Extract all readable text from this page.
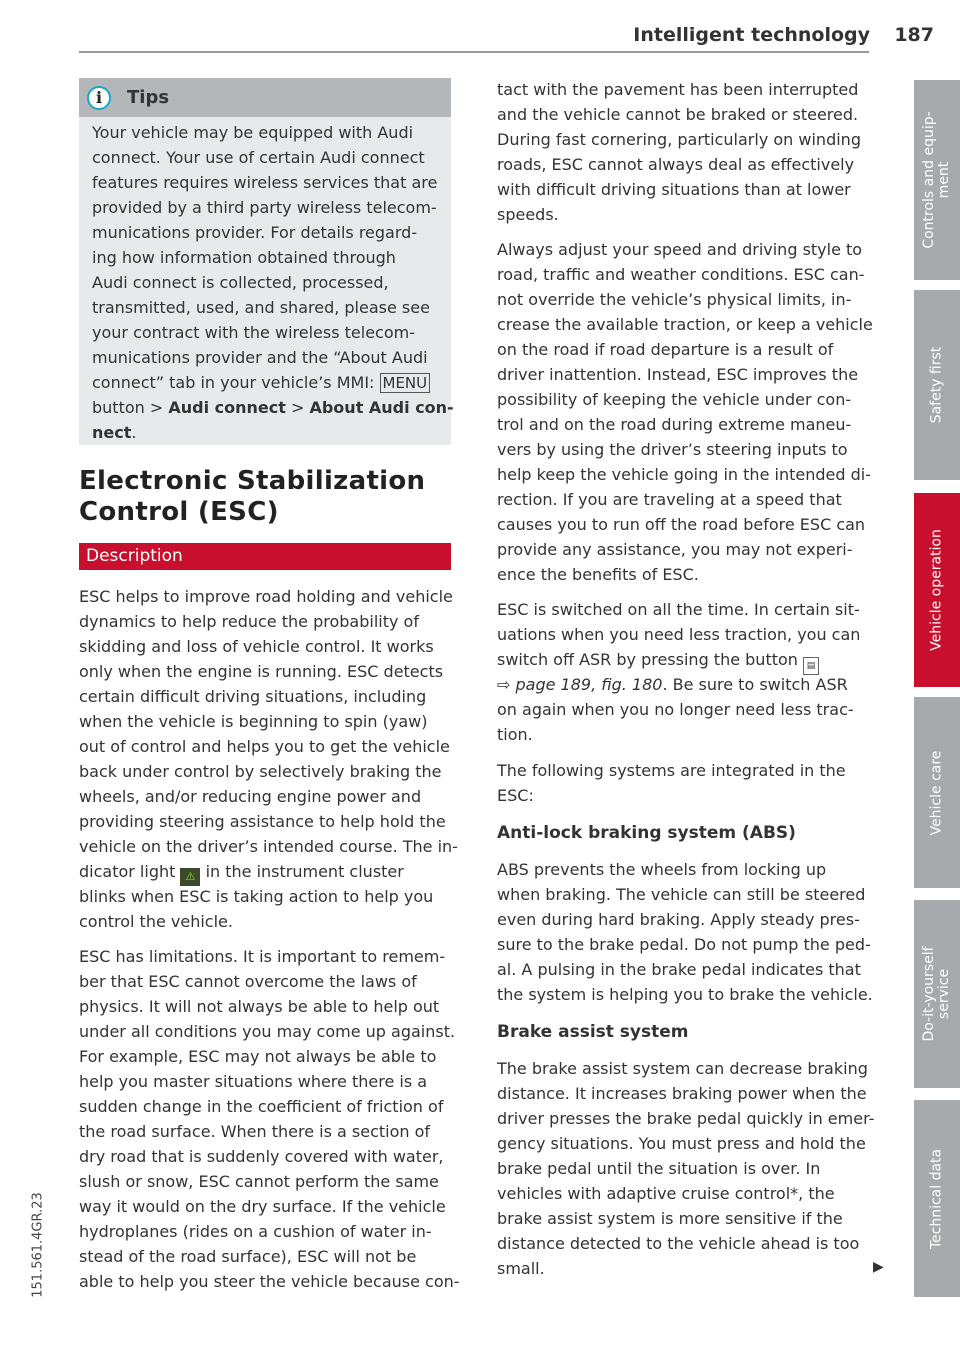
Intelligent technology 187
i	Tips
Your vehicle may be equipped with Audi
connect. Your use of certain Audi connect
features requires wireless services that are
provided by a third party wireless telecom-
munications provider. For details regard-
ing how information obtained through
Audi connect is collected, processed,
transmitted, used, and shared, please see
your contract with the wireless telecom-
munications provider and the “About Audi
connect” tab in your vehicle’s MMI: MENU
button > Audi connect > About Audi con-
nect.
Electronic Stabilization
Control (ESC)
Description
ESC helps to improve road holding and vehicle
dynamics to help reduce the probability of
skidding and loss of vehicle control. It works
only when the engine is running. ESC detects
certain difficult driving situations, including
when the vehicle is beginning to spin (yaw)
out of control and helps you to get the vehicle
back under control by selectively braking the
wheels, and/or reducing engine power and
providing steering assistance to help hold the
vehicle on the driver’s intended course. The in-
dicator light ⚠ in the instrument cluster
blinks when ESC is taking action to help you
control the vehicle.
ESC has limitations. It is important to remem-
ber that ESC cannot overcome the laws of
physics. It will not always be able to help out
under all conditions you may come up against.
For example, ESC may not always be able to
help you master situations where there is a
sudden change in the coefficient of friction of
the road surface. When there is a section of
dry road that is suddenly covered with water,
slush or snow, ESC cannot perform the same
way it would on the dry surface. If the vehicle
hydroplanes (rides on a cushion of water in-
stead of the road surface), ESC will not be
able to help you steer the vehicle because con-
tact with the pavement has been interrupted
and the vehicle cannot be braked or steered.
During fast cornering, particularly on winding
roads, ESC cannot always deal as effectively
with difficult driving situations than at lower
speeds.
Always adjust your speed and driving style to
road, traffic and weather conditions. ESC can-
not override the vehicle’s physical limits, in-
crease the available traction, or keep a vehicle
on the road if road departure is a result of
driver inattention. Instead, ESC improves the
possibility of keeping the vehicle under con-
trol and on the road during extreme maneu-
vers by using the driver’s steering inputs to
help keep the vehicle going in the intended di-
rection. If you are traveling at a speed that
causes you to run off the road before ESC can
provide any assistance, you may not experi-
ence the benefits of ESC.
ESC is switched on all the time. In certain sit-
uations when you need less traction, you can
switch off ASR by pressing the button ▤
⇨ page 189, fig. 180. Be sure to switch ASR
on again when you no longer need less trac-
tion.
The following systems are integrated in the
ESC:
Anti-lock braking system (ABS)
ABS prevents the wheels from locking up
when braking. The vehicle can still be steered
even during hard braking. Apply steady pres-
sure to the brake pedal. Do not pump the ped-
al. A pulsing in the brake pedal indicates that
the system is helping you to brake the vehicle.
Brake assist system
The brake assist system can decrease braking
distance. It increases braking power when the
driver presses the brake pedal quickly in emer-
gency situations. You must press and hold the
brake pedal until the situation is over. In
vehicles with adaptive cruise control*, the
brake assist system is more sensitive if the
distance detected to the vehicle ahead is too
small.	▶
Controls and equip-
ment
Safety first
Vehicle operation
Vehicle care
Do-it-yourself
service
Technical data
151.561.4GR.23
